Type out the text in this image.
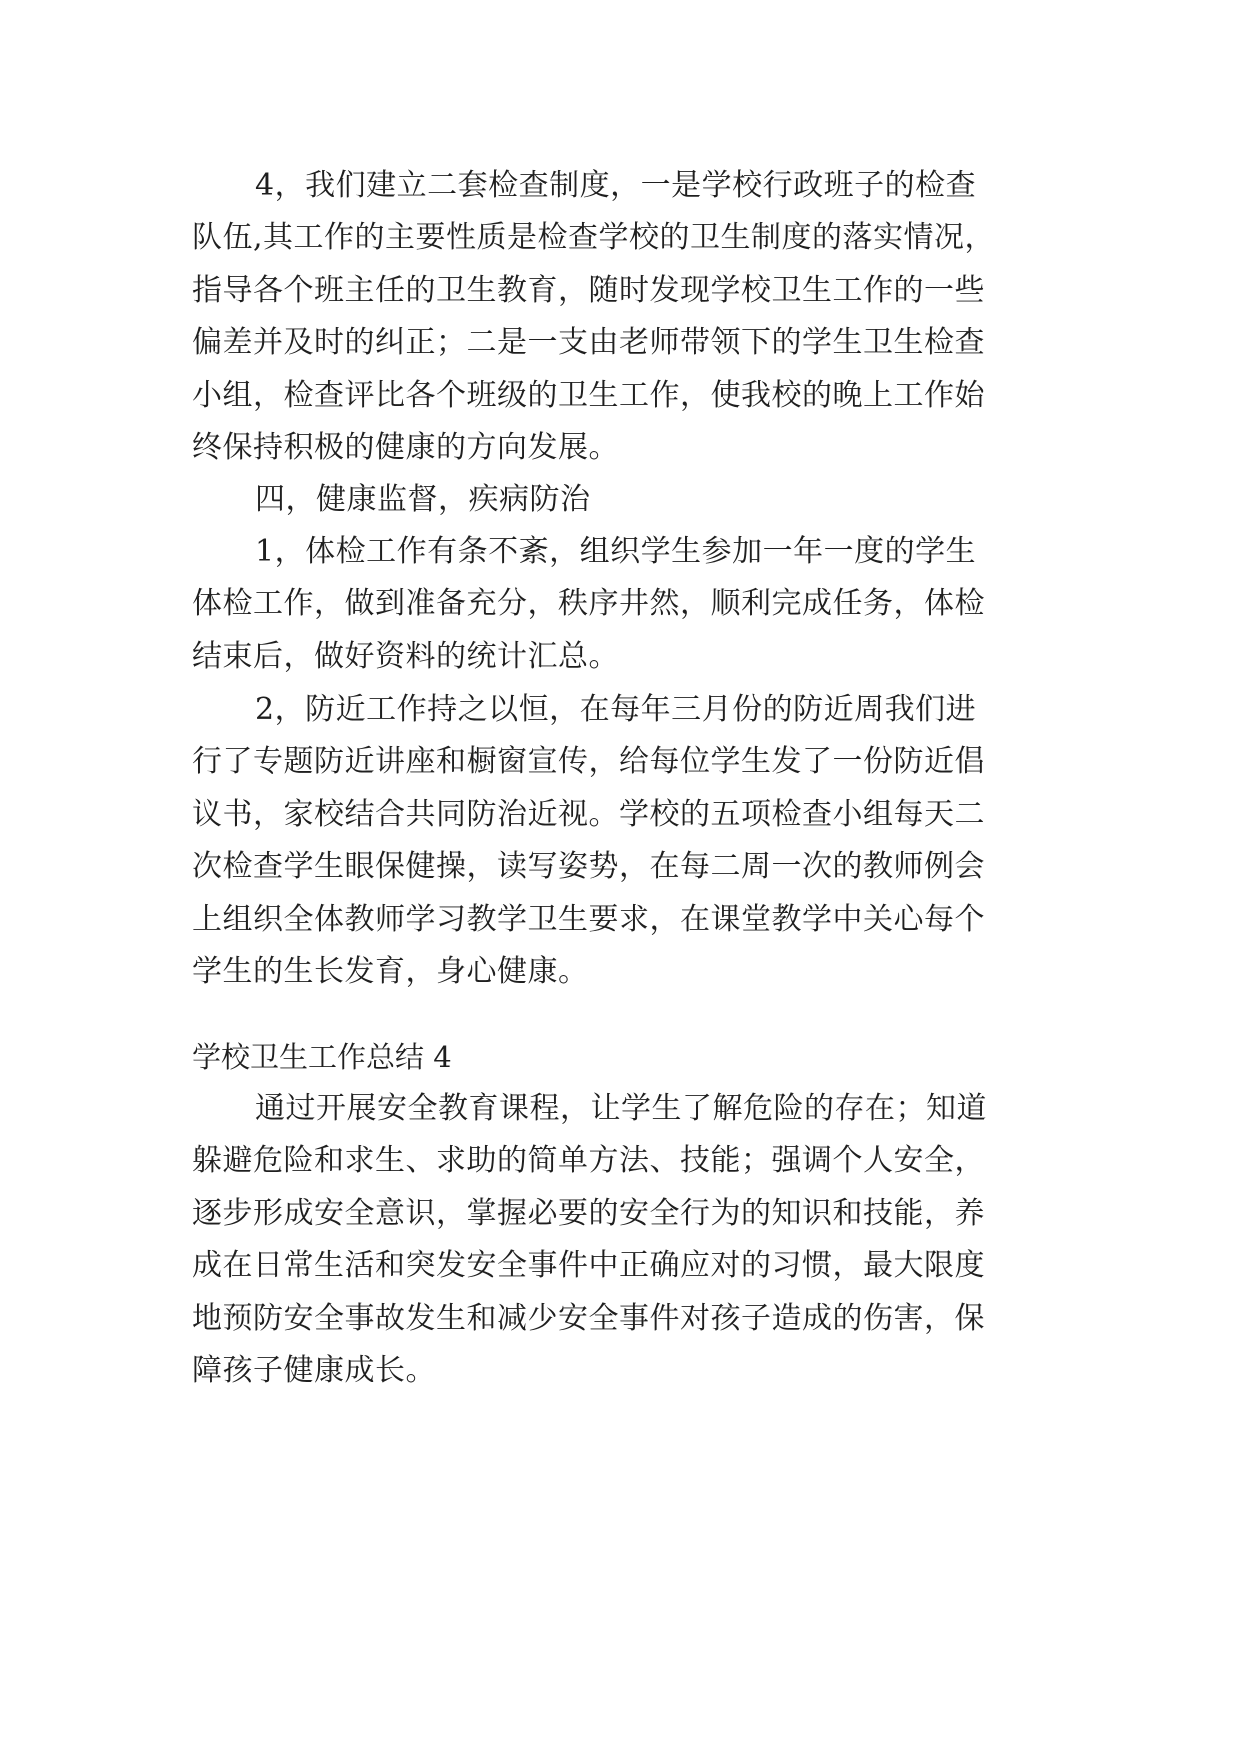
4，我们建立二套检查制度，一是学校行政班子的检查
队伍,其工作的主要性质是检查学校的卫生制度的落实情况，
指导各个班主任的卫生教育，随时发现学校卫生工作的一些
偏差并及时的纠正；二是一支由老师带领下的学生卫生检查
小组，检查评比各个班级的卫生工作，使我校的晚上工作始
终保持积极的健康的方向发展。
四，健康监督，疾病防治
1，体检工作有条不紊，组织学生参加一年一度的学生
体检工作，做到准备充分，秩序井然，顺利完成任务，体检
结束后，做好资料的统计汇总。
2，防近工作持之以恒，在每年三月份的防近周我们进
行了专题防近讲座和橱窗宣传，给每位学生发了一份防近倡
议书，家校结合共同防治近视。学校的五项检查小组每天二
次检查学生眼保健操，读写姿势，在每二周一次的教师例会
上组织全体教师学习教学卫生要求，在课堂教学中关心每个
学生的生长发育，身心健康。
学校卫生工作总结 4
通过开展安全教育课程，让学生了解危险的存在；知道
躲避危险和求生、求助的简单方法、技能；强调个人安全，
逐步形成安全意识，掌握必要的安全行为的知识和技能，养
成在日常生活和突发安全事件中正确应对的习惯，最大限度
地预防安全事故发生和减少安全事件对孩子造成的伤害，保
障孩子健康成长。
